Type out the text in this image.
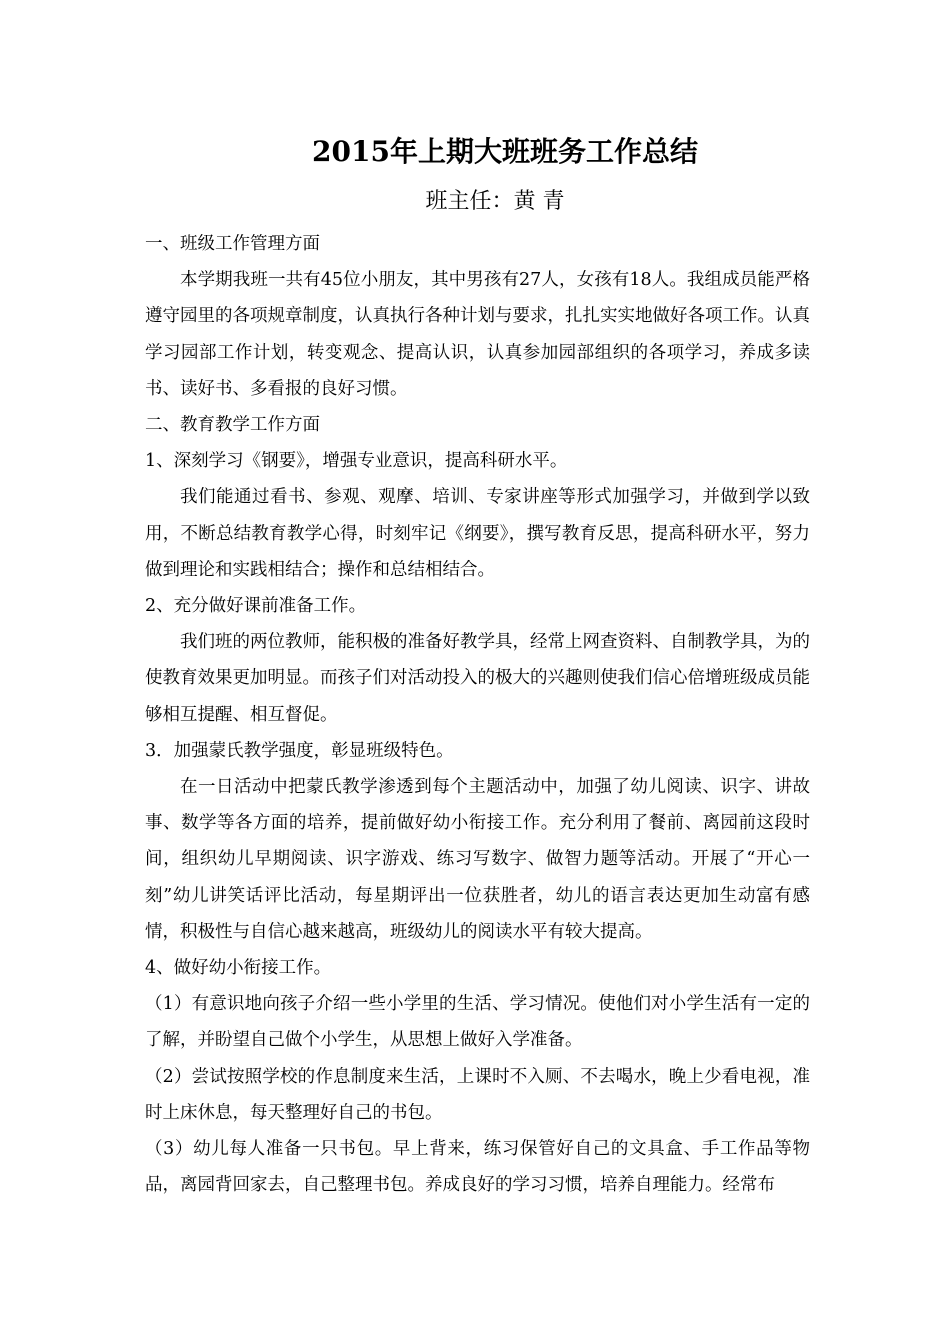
2015年上期大班班务工作总结
班主任：黄 青

一、班级工作管理方面

本学期我班一共有45位小朋友，其中男孩有27人，女孩有18人。我组成员能严格遵守园里的各项规章制度，认真执行各种计划与要求，扎扎实实地做好各项工作。认真学习园部工作计划，转变观念、提高认识，认真参加园部组织的各项学习，养成多读书、读好书、多看报的良好习惯。

二、教育教学工作方面

1、深刻学习《钢要》，增强专业意识，提高科研水平。

我们能通过看书、参观、观摩、培训、专家讲座等形式加强学习，并做到学以致用，不断总结教育教学心得，时刻牢记《纲要》，撰写教育反思，提高科研水平，努力做到理论和实践相结合；操作和总结相结合。

2、充分做好课前准备工作。

我们班的两位教师，能积极的准备好教学具，经常上网查资料、自制教学具，为的使教育效果更加明显。而孩子们对活动投入的极大的兴趣则使我们信心倍增班级成员能够相互提醒、相互督促。

3．加强蒙氏教学强度，彰显班级特色。

在一日活动中把蒙氏教学渗透到每个主题活动中，加强了幼儿阅读、识字、讲故事、数学等各方面的培养，提前做好幼小衔接工作。充分利用了餐前、离园前这段时间，组织幼儿早期阅读、识字游戏、练习写数字、做智力题等活动。开展了“开心一刻”幼儿讲笑话评比活动，每星期评出一位获胜者，幼儿的语言表达更加生动富有感情，积极性与自信心越来越高，班级幼儿的阅读水平有较大提高。

4、做好幼小衔接工作。

（1）有意识地向孩子介绍一些小学里的生活、学习情况。使他们对小学生活有一定的了解，并盼望自己做个小学生，从思想上做好入学准备。

（2）尝试按照学校的作息制度来生活，上课时不入厕、不去喝水，晚上少看电视，准时上床休息，每天整理好自己的书包。

（3）幼儿每人准备一只书包。早上背来，练习保管好自己的文具盒、手工作品等物品，离园背回家去，自己整理书包。养成良好的学习习惯，培养自理能力。经常布
